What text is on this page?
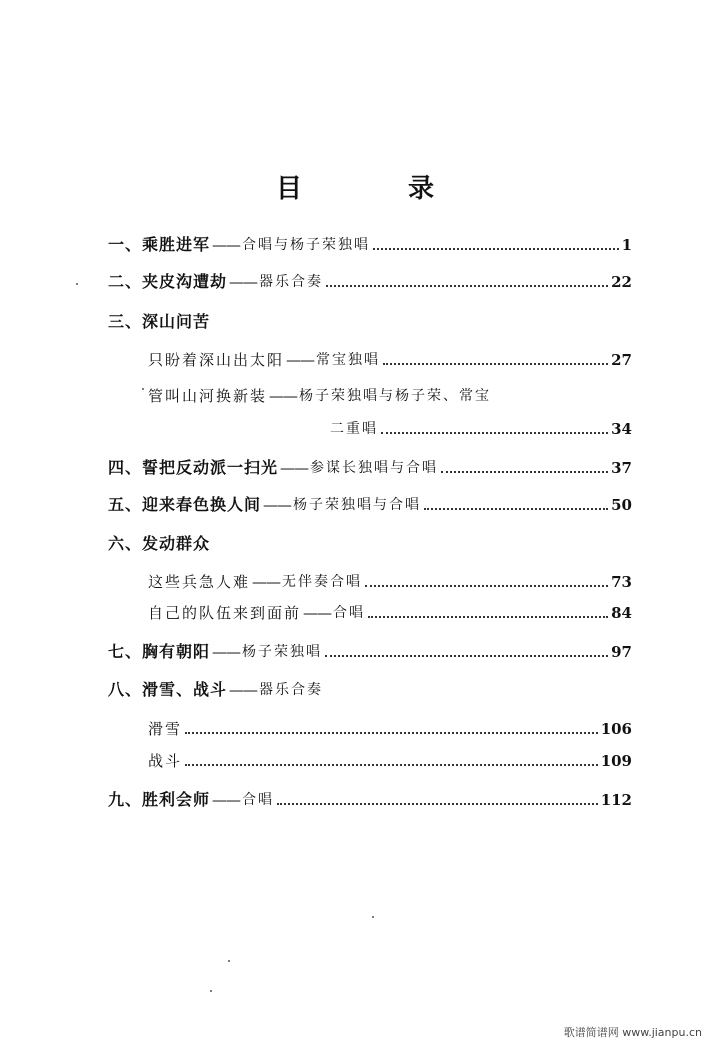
目　录
一、乘胜进军 —— 合唱与杨子荣独唱	1
二、夹皮沟遭劫 —— 器乐合奏	22
三、深山问苦
只盼着深山出太阳 —— 常宝独唱	27
管叫山河换新装 —— 杨子荣独唱与杨子荣、常宝
二重唱	34
四、誓把反动派一扫光 —— 参谋长独唱与合唱	37
五、迎来春色换人间 —— 杨子荣独唱与合唱	50
六、发动群众
这些兵急人难 —— 无伴奏合唱	73
自己的队伍来到面前 —— 合唱	84
七、胸有朝阳 —— 杨子荣独唱	97
八、滑雪、战斗 —— 器乐合奏
滑雪	106
战斗	109
九、胜利会师 —— 合唱	112
歌谱简谱网 www.jianpu.cn
